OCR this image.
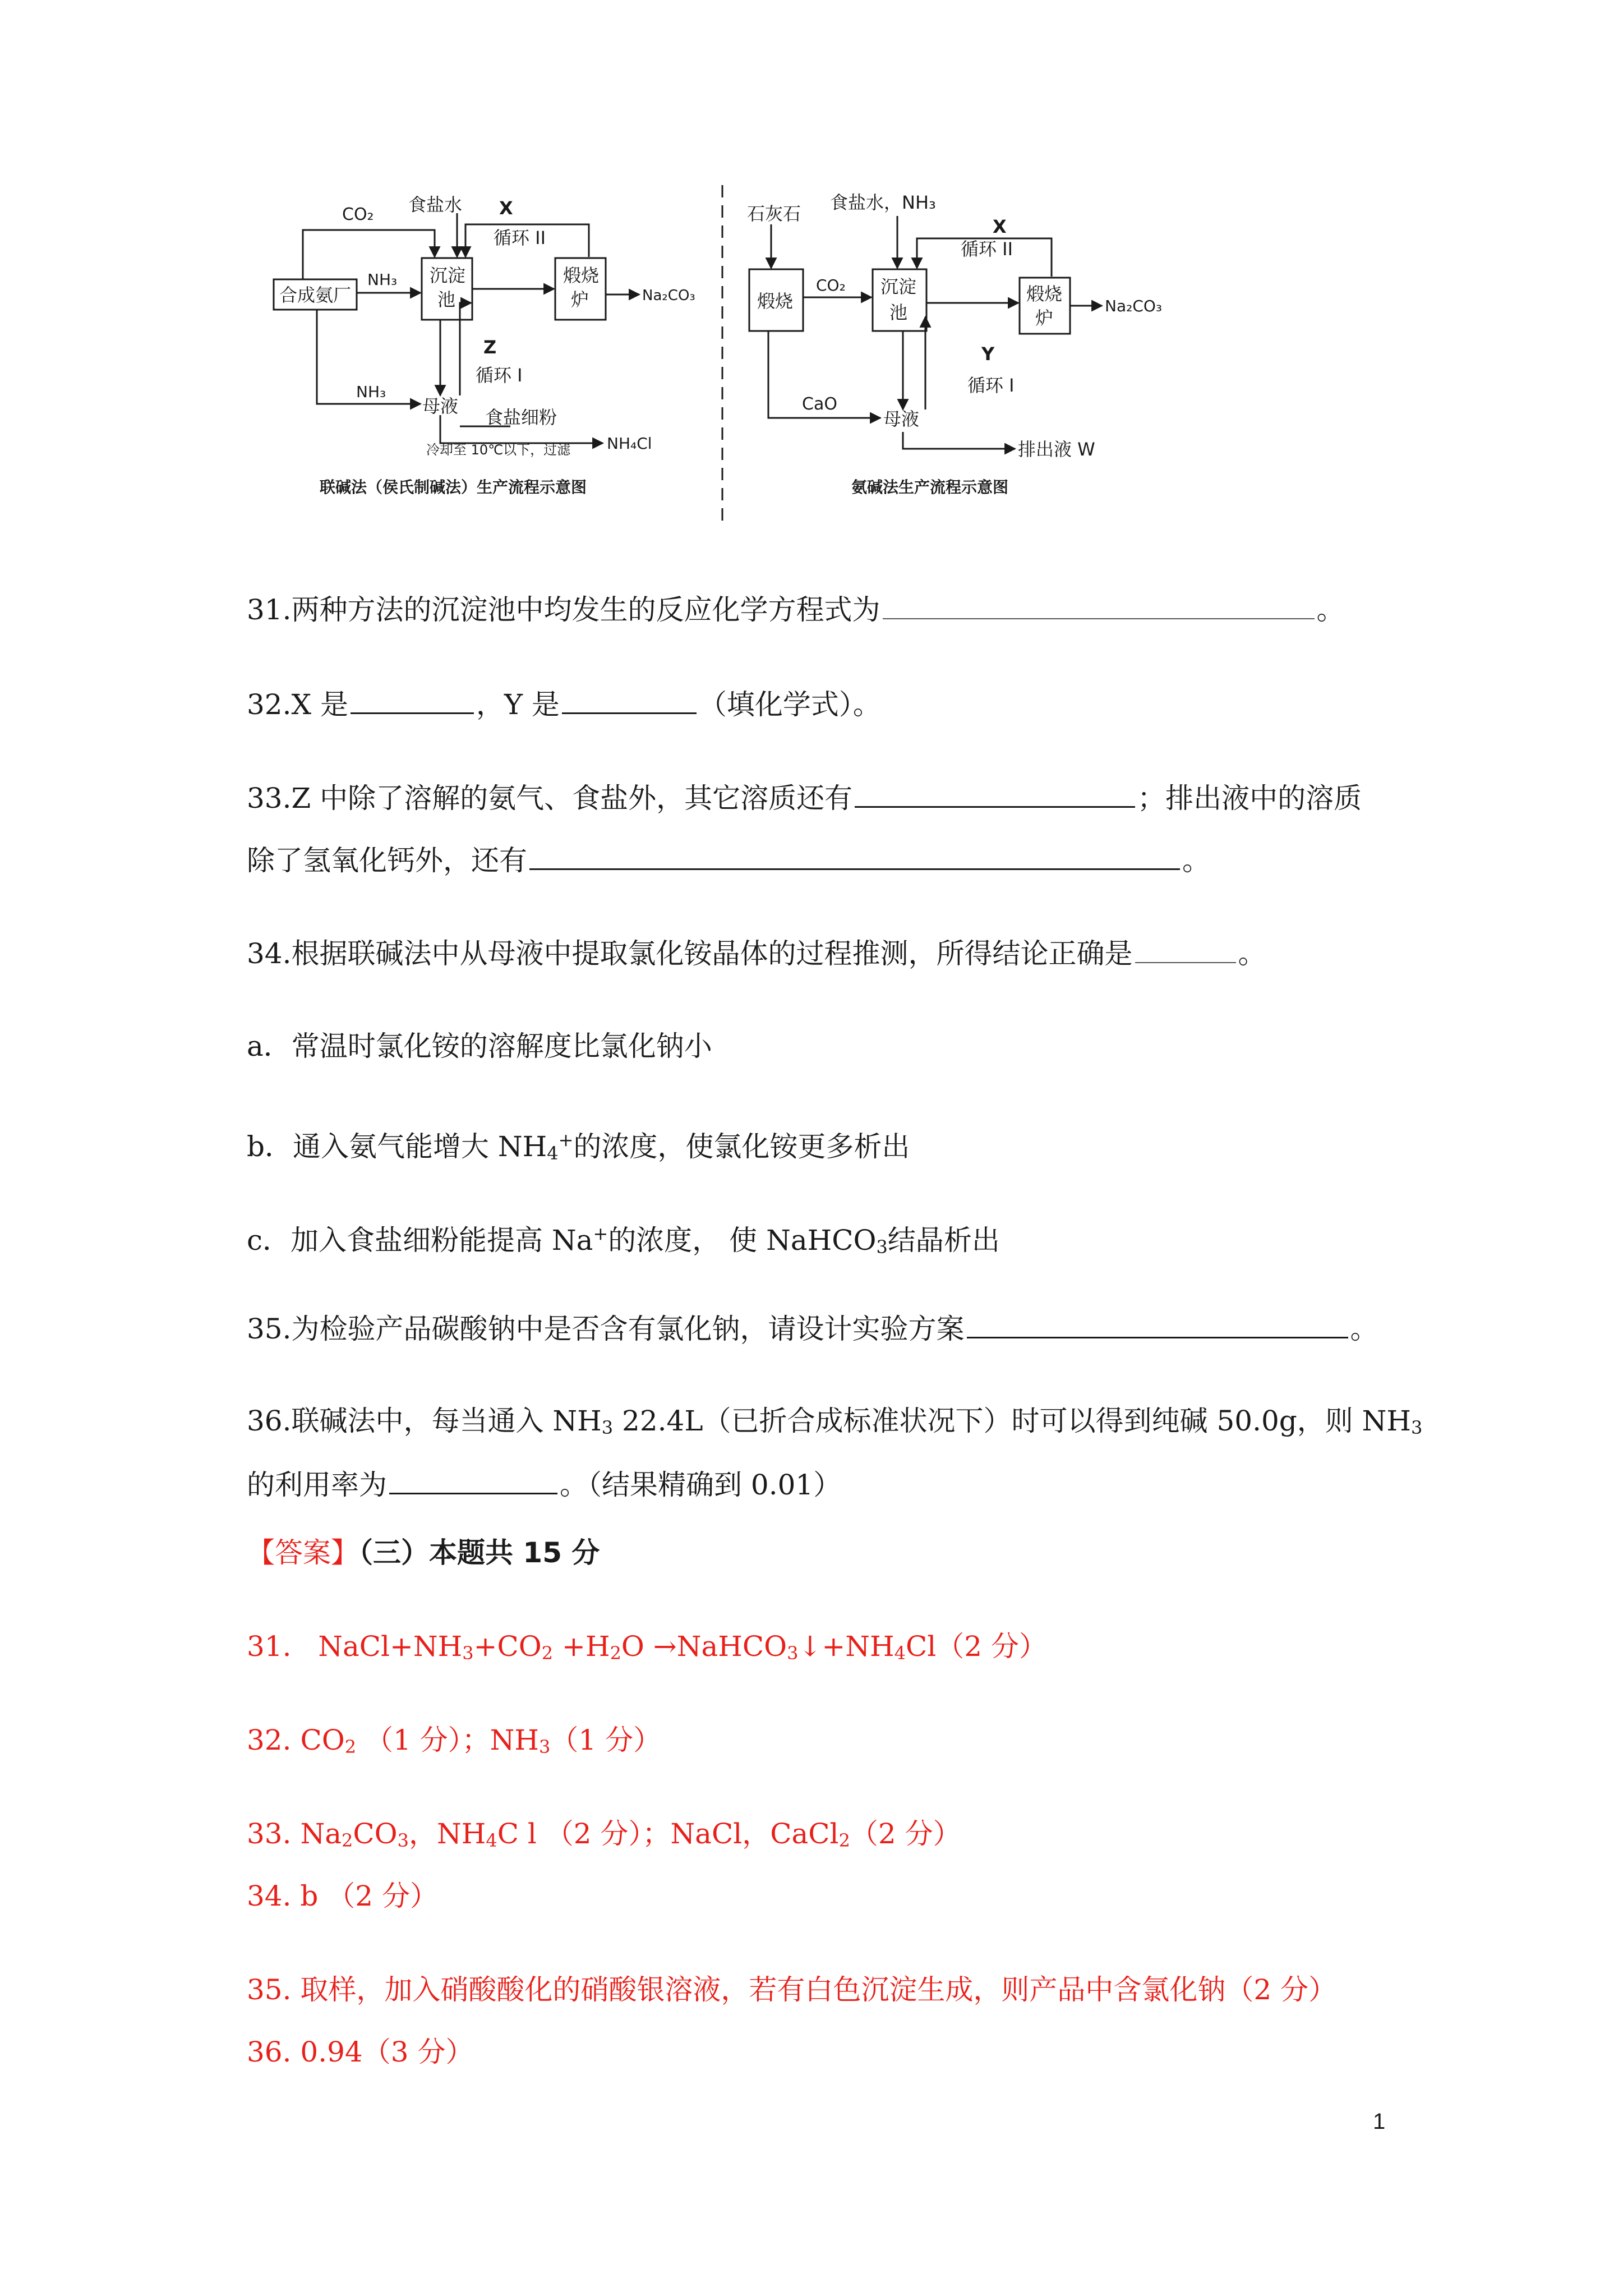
CO₂ 食盐水 X
循环 II
NH₃
合成氨厂
沉淀
池
煅烧
炉	Na₂CO₃
Z
循环 I
NH₃
母液
食盐细粉
冷却至 10℃以下，过滤 NH₄Cl
联碱法（侯氏制碱法）生产流程示意图
石灰石
食盐水，NH₃
X
循环 II
煅烧
CO₂ 沉淀
池
煅烧
炉
Na₂CO₃
Y
循环 I
CaO
母液
排出液 W
氨碱法生产流程示意图
31.两种方法的沉淀池中均发生的反应化学方程式为	。
32.X 是	，Y 是	（填化学式）。
33.Z 中除了溶解的氨气、食盐外，其它溶质还有	；排出液中的溶质
除了氢氧化钙外，还有	。
34.根据联碱法中从母液中提取氯化铵晶体的过程推测，所得结论正确是	。
a．常温时氯化铵的溶解度比氯化钠小
b．通入氨气能增大 $NH_4^+$的浓度，使氯化铵更多析出
c．加入食盐细粉能提高 Na+的浓度， 使 NaHCO$_3$结晶析出
35.为检验产品碳酸钠中是否含有氯化钠，请设计实验方案	。
36.联碱法中，每当通入 $NH_3$ 22.4L（已折合成标准状况下）时可以得到纯碱 50.0g，则 $NH_3$
的利用率为	。（结果精确到 0.01）
【答案】（三）本题共 15 分
31. $NaCl+NH_3+CO_2 +H_2O$ $\to NaHCO_3↓+NH_4Cl(2$ 分）
32. $CO_2$ （1 分）；$NH_3(1$ 分）
33. $Na_2CO_3$，$NH_4C$ l （2 分）；NaCl，CaCl$_2$（2 分）
34. b （2 分）
35. 取样，加入硝酸酸化的硝酸银溶液，若有白色沉淀生成，则产品中含氯化钠（2 分）
36. 0.94（3 分）
1
